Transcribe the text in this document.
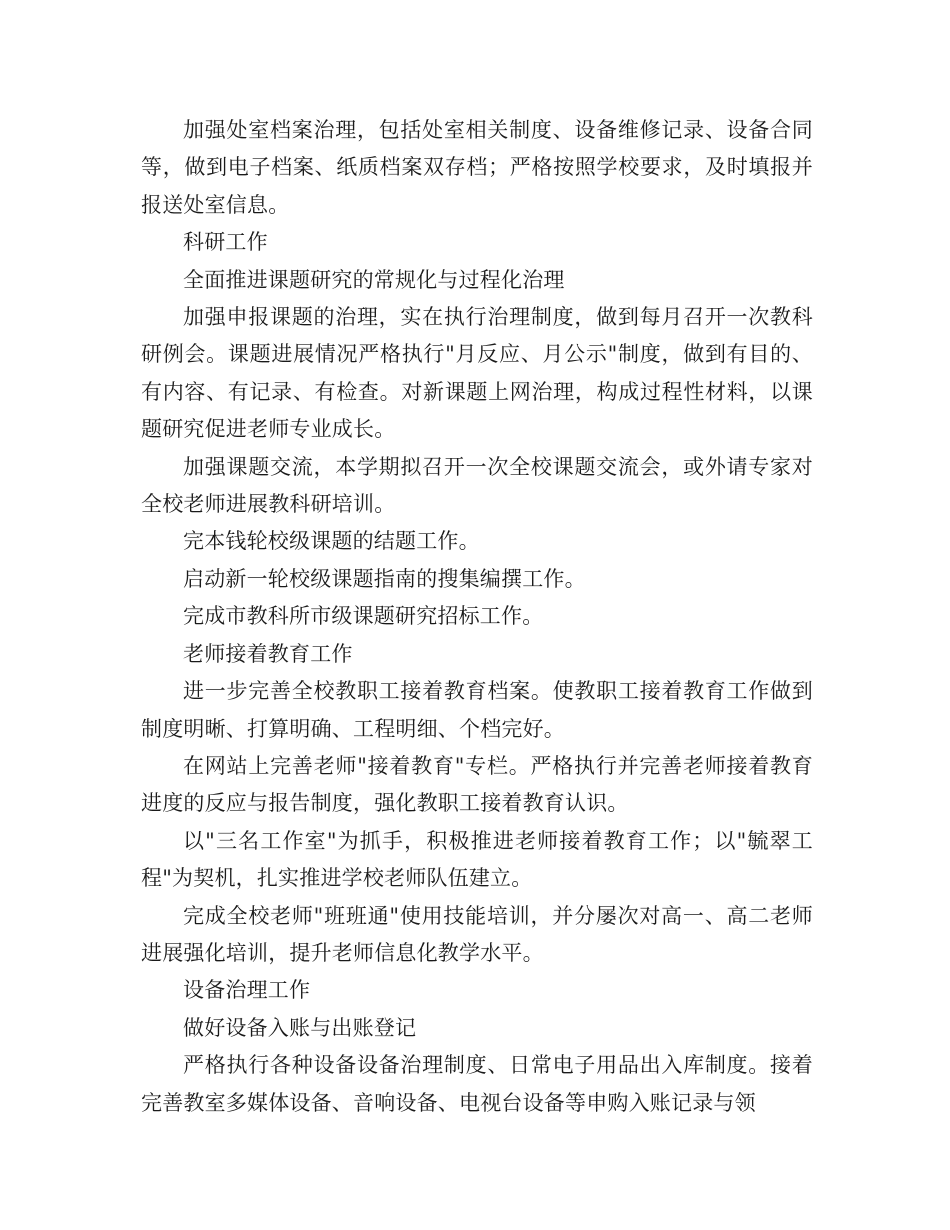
加强处室档案治理，包括处室相关制度、设备维修记录、设备合同等，做到电子档案、纸质档案双存档；严格按照学校要求，及时填报并报送处室信息。

科研工作

全面推进课题研究的常规化与过程化治理

加强申报课题的治理，实在执行治理制度，做到每月召开一次教科研例会。课题进展情况严格执行"月反应、月公示"制度，做到有目的、有内容、有记录、有检查。对新课题上网治理，构成过程性材料，以课题研究促进老师专业成长。

加强课题交流，本学期拟召开一次全校课题交流会，或外请专家对全校老师进展教科研培训。

完本钱轮校级课题的结题工作。

启动新一轮校级课题指南的搜集编撰工作。

完成市教科所市级课题研究招标工作。

老师接着教育工作

进一步完善全校教职工接着教育档案。使教职工接着教育工作做到制度明晰、打算明确、工程明细、个档完好。

在网站上完善老师"接着教育"专栏。严格执行并完善老师接着教育进度的反应与报告制度，强化教职工接着教育认识。

以"三名工作室"为抓手，积极推进老师接着教育工作；以"毓翠工程"为契机，扎实推进学校老师队伍建立。

完成全校老师"班班通"使用技能培训，并分屡次对高一、高二老师进展强化培训，提升老师信息化教学水平。

设备治理工作

做好设备入账与出账登记

严格执行各种设备设备治理制度、日常电子用品出入库制度。接着完善教室多媒体设备、音响设备、电视台设备等申购入账记录与领
